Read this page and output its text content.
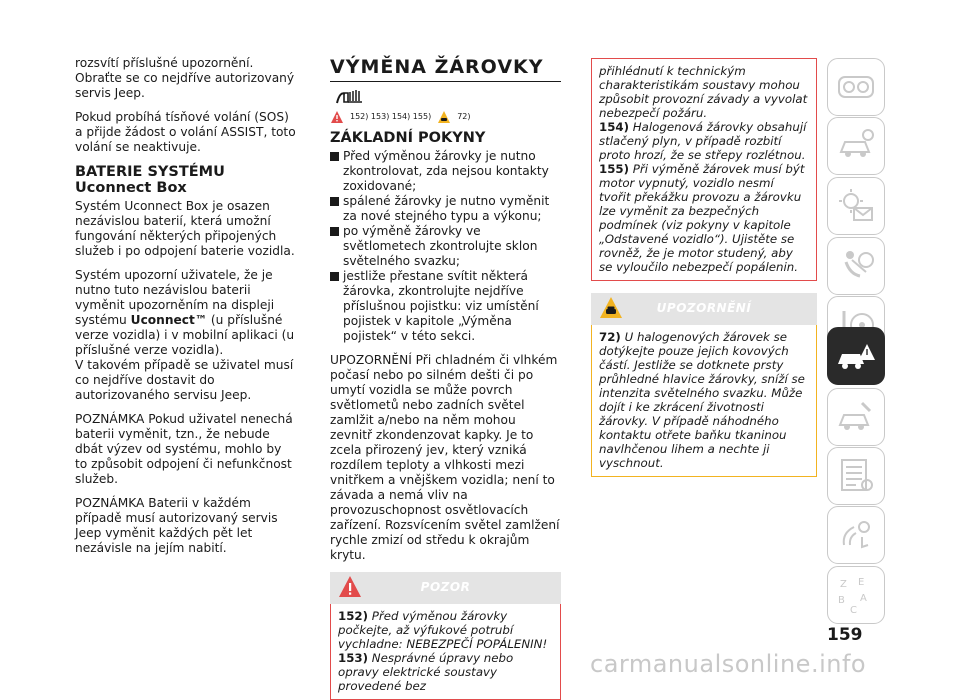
rozsvítí příslušné upozornění. Obraťte se co nejdříve autorizovaný servis Jeep.

Pokud probíhá tísňové volání (SOS) a přijde žádost o volání ASSIST, toto volání se neaktivuje.

BATERIE SYSTÉMU Uconnect Box

Systém Uconnect Box je osazen nezávislou baterií, která umožní fungování některých připojených služeb i po odpojení baterie vozidla.

Systém upozorní uživatele, že je nutno tuto nezávislou baterii vyměnit upozorněním na displeji systému Uconnect™ (u příslušné verze vozidla) i v mobilní aplikaci (u příslušné verze vozidla).
V takovém případě se uživatel musí co nejdříve dostavit do autorizovaného servisu Jeep.

POZNÁMKA Pokud uživatel nenechá baterii vyměnit, tzn., že nebude dbát výzev od systému, mohlo by to způsobit odpojení či nefunkčnost služeb.

POZNÁMKA Baterii v každém případě musí autorizovaný servis Jeep vyměnit každých pět let nezávisle na jejím nabití.

VÝMĚNA ŽÁROVKY
152) 153) 154) 155)	72)
ZÁKLADNÍ POKYNY
Před výměnou žárovky je nutno zkontrolovat, zda nejsou kontakty zoxidované;
spálené žárovky je nutno vyměnit za nové stejného typu a výkonu;
po výměně žárovky ve světlometech zkontrolujte sklon světelného svazku;
jestliže přestane svítit některá žárovka, zkontrolujte nejdříve příslušnou pojistku: viz umístění pojistek v kapitole „Výměna pojistek“ v této sekci.

UPOZORNĚNÍ Při chladném či vlhkém počasí nebo po silném dešti či po umytí vozidla se může povrch světlometů nebo zadních světel zamlžit a/nebo na něm mohou zevnitř zkondenzovat kapky. Je to zcela přirozený jev, který vzniká rozdílem teploty a vlhkosti mezi vnitřkem a vnějškem vozidla; není to závada a nemá vliv na provozuschopnost osvětlovacích zařízení. Rozsvícením světel zamlžení rychle zmizí od středu k okrajům krytu.

POZOR
152) Před výměnou žárovky počkejte, až výfukové potrubí vychladne: NEBEZPEČÍ POPÁLENIN!
153) Nesprávné úpravy nebo opravy elektrické soustavy provedené bez
přihlédnutí k technickým charakteristikám soustavy mohou způsobit provozní závady a vyvolat nebezpečí požáru.
154) Halogenová žárovky obsahují stlačený plyn, v případě rozbití proto hrozí, že se střepy rozlétnou.
155) Při výměně žárovek musí být motor vypnutý, vozidlo nesmí tvořit překážku provozu a žárovku lze vyměnit za bezpečných podmínek (viz pokyny v kapitole „Odstavené vozidlo“). Ujistěte se rovněž, že je motor studený, aby se vyloučilo nebezpečí popálenin.
UPOZORNĚNÍ
72) U halogenových žárovek se dotýkejte pouze jejich kovových částí. Jestliže se dotknete prsty průhledné hlavice žárovky, sníží se intenzita světelného svazku. Může dojít i ke zkrácení životnosti žárovky. V případě náhodného kontaktu otřete baňku tkaninou navlhčenou lihem a nechte ji vyschnout.
Z E
B A
C
159
carmanualsonline.info
